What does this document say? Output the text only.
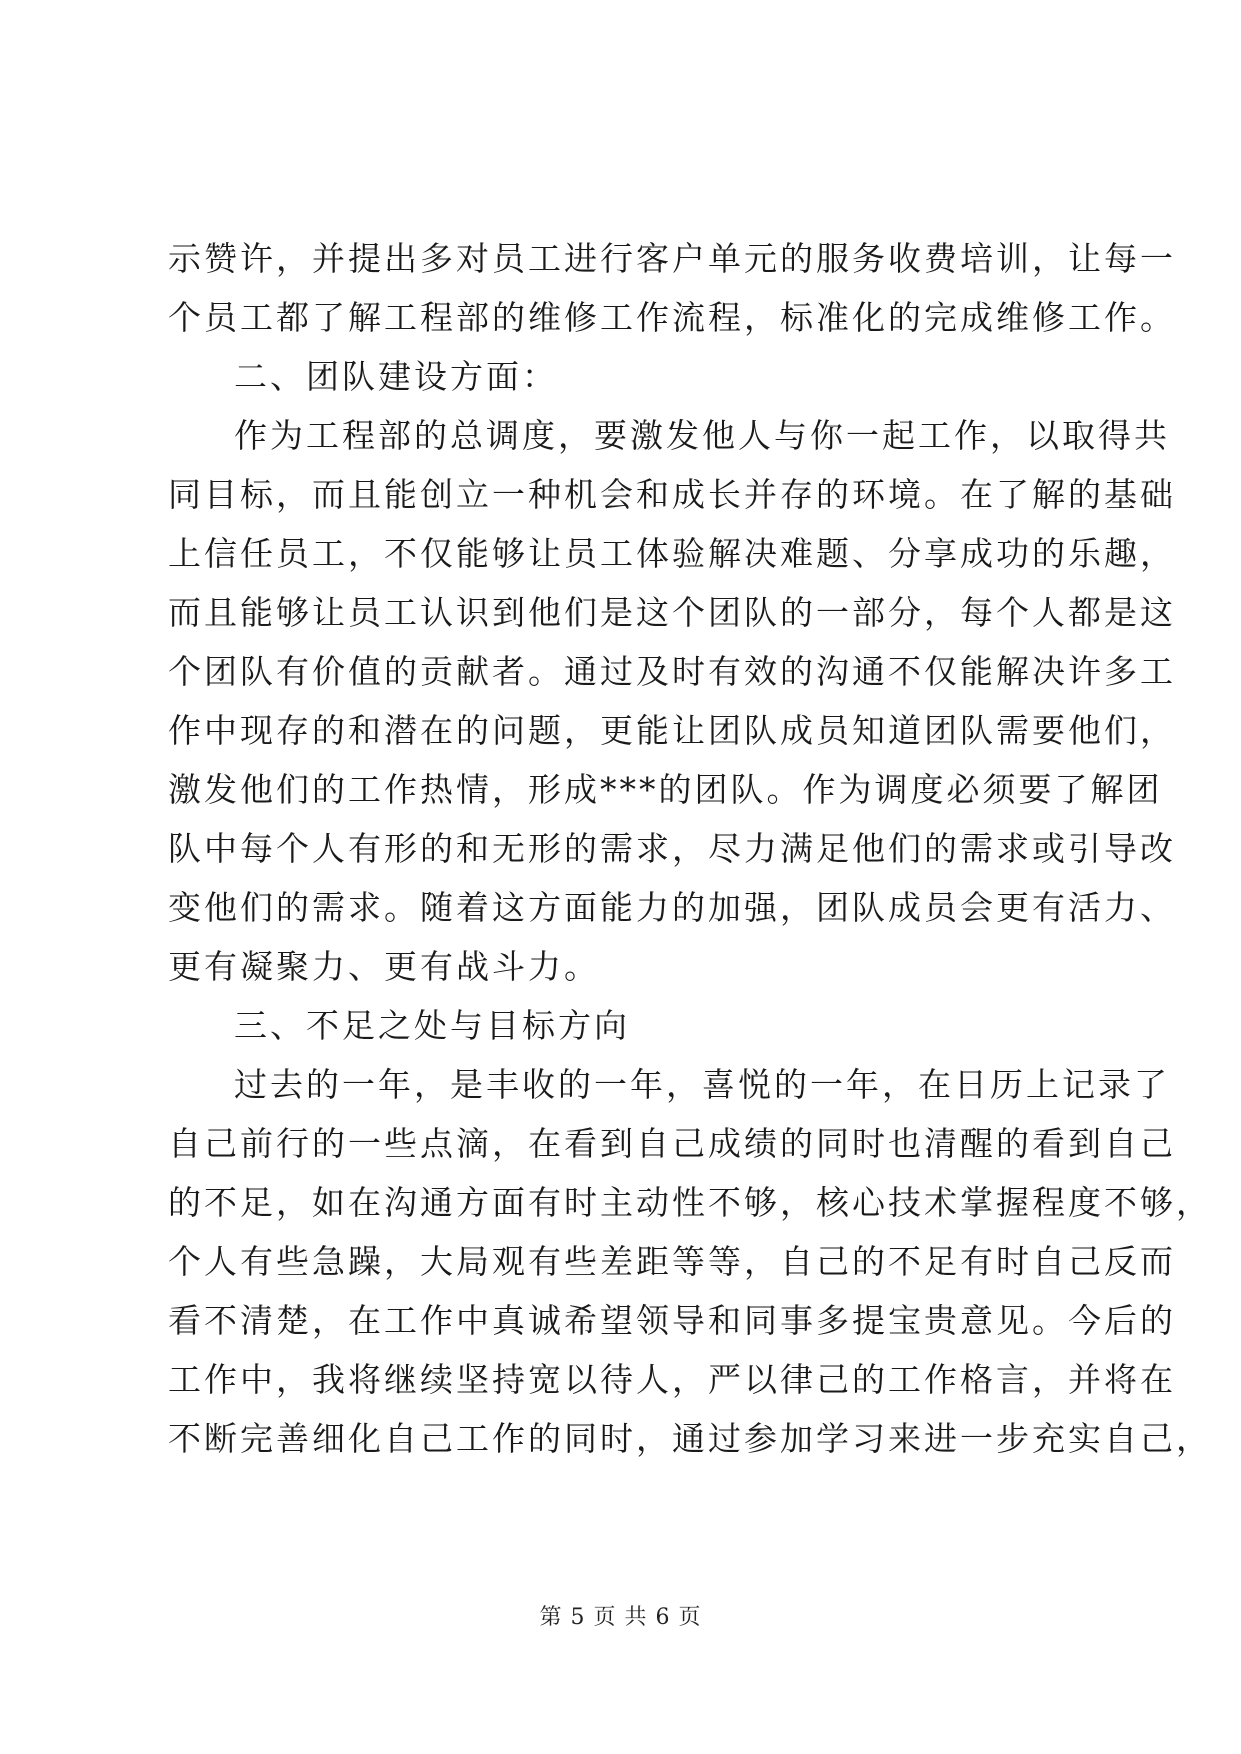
示赞许，并提出多对员工进行客户单元的服务收费培训，让每一
个员工都了解工程部的维修工作流程，标准化的完成维修工作。
二、团队建设方面：
作为工程部的总调度，要激发他人与你一起工作，以取得共
同目标，而且能创立一种机会和成长并存的环境。在了解的基础
上信任员工，不仅能够让员工体验解决难题、分享成功的乐趣，
而且能够让员工认识到他们是这个团队的一部分，每个人都是这
个团队有价值的贡献者。通过及时有效的沟通不仅能解决许多工
作中现存的和潜在的问题，更能让团队成员知道团队需要他们，
激发他们的工作热情，形成***的团队。作为调度必须要了解团
队中每个人有形的和无形的需求，尽力满足他们的需求或引导改
变他们的需求。随着这方面能力的加强，团队成员会更有活力、
更有凝聚力、更有战斗力。
三、不足之处与目标方向
过去的一年，是丰收的一年，喜悦的一年，在日历上记录了
自己前行的一些点滴，在看到自己成绩的同时也清醒的看到自己
的不足，如在沟通方面有时主动性不够，核心技术掌握程度不够，
个人有些急躁，大局观有些差距等等，自己的不足有时自己反而
看不清楚，在工作中真诚希望领导和同事多提宝贵意见。今后的
工作中，我将继续坚持宽以待人，严以律己的工作格言，并将在
不断完善细化自己工作的同时，通过参加学习来进一步充实自己，
第 5 页 共 6 页
